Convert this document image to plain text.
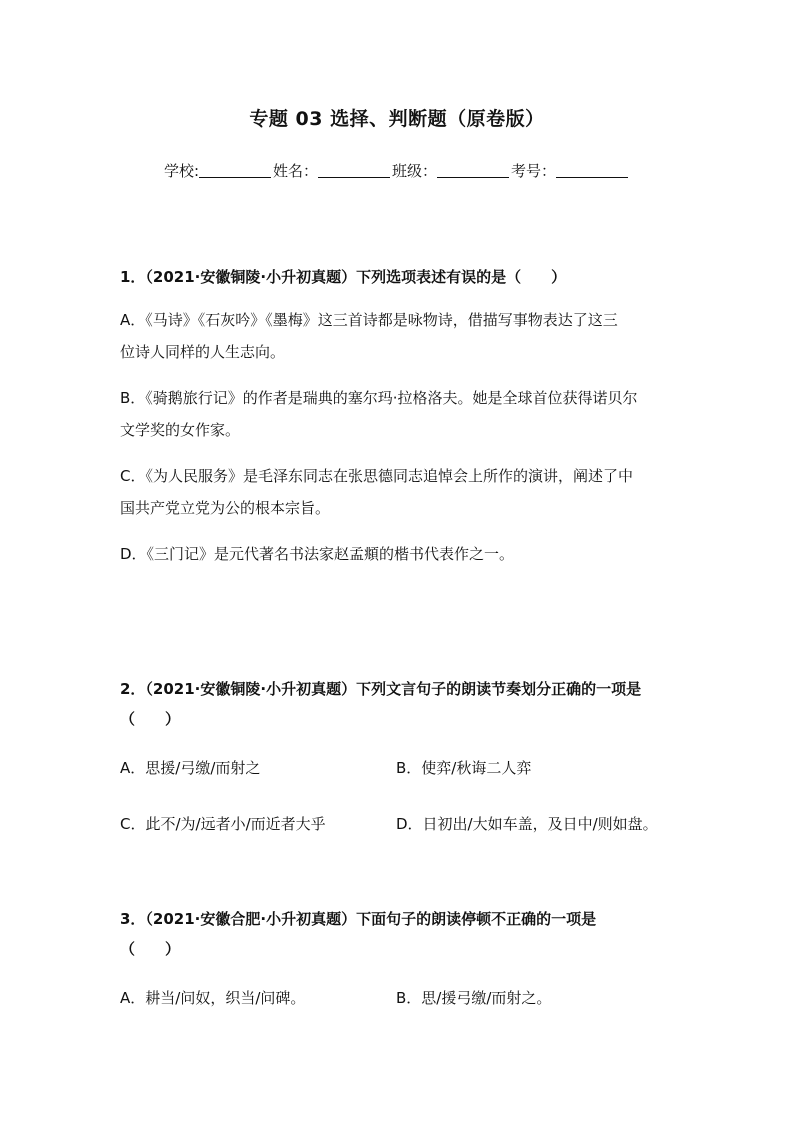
专题 03 选择、判断题（原卷版）
学校:	姓名：	班级：	考号：
1．（2021·安徽铜陵·小升初真题）下列选项表述有误的是（　　）
A．《马诗》《石灰吟》《墨梅》这三首诗都是咏物诗，借描写事物表达了这三
位诗人同样的人生志向。
B．《骑鹅旅行记》的作者是瑞典的塞尔玛·拉格洛夫。她是全球首位获得诺贝尔
文学奖的女作家。
C．《为人民服务》是毛泽东同志在张思德同志追悼会上所作的演讲，阐述了中
国共产党立党为公的根本宗旨。
D．《三门记》是元代著名书法家赵孟頫的楷书代表作之一。
2．（2021·安徽铜陵·小升初真题）下列文言句子的朗读节奏划分正确的一项是
（　　）
A．思援/弓缴/而射之	B．使弈/秋诲二人弈
C．此不/为/远者小/而近者大乎	D．日初出/大如车盖，及日中/则如盘。
3．（2021·安徽合肥·小升初真题）下面句子的朗读停顿不正确的一项是
（　　）
A．耕当/问奴，织当/问碑。	B．思/援弓缴/而射之。
